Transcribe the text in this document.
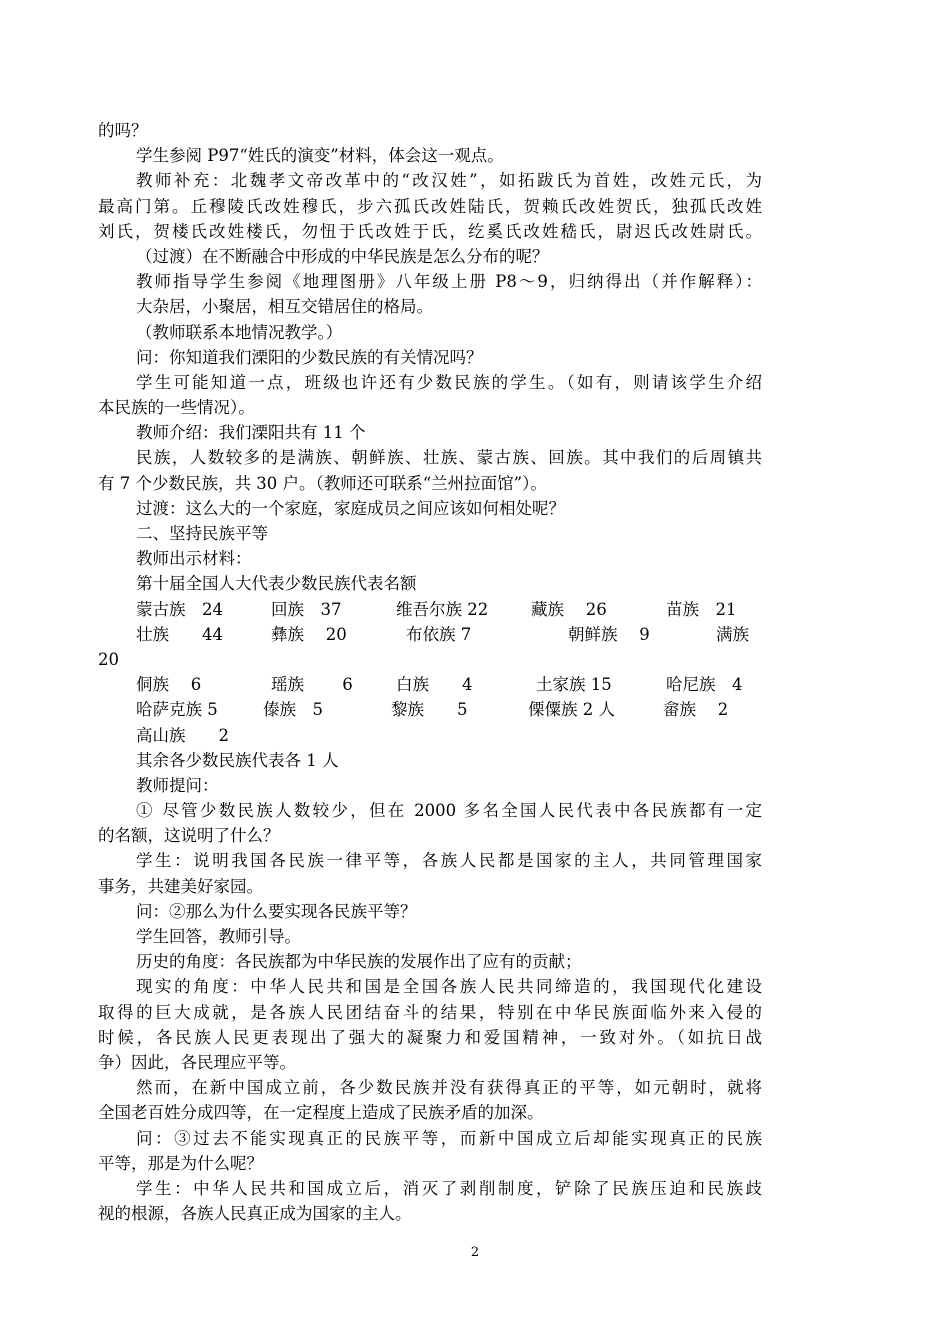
的吗？
学生参阅 P97“姓氏的演变”材料，体会这一观点。
教师补充：北魏孝文帝改革中的“改汉姓”，如拓跋氏为首姓，改姓元氏，为
最高门第。丘穆陵氏改姓穆氏，步六孤氏改姓陆氏，贺赖氏改姓贺氏，独孤氏改姓
刘氏，贺楼氏改姓楼氏，勿忸于氏改姓于氏，纥奚氏改姓嵇氏，尉迟氏改姓尉氏。
（过渡）在不断融合中形成的中华民族是怎么分布的呢？
教师指导学生参阅《地理图册》八年级上册 P8～9，归纳得出（并作解释）：
大杂居，小聚居，相互交错居住的格局。
（教师联系本地情况教学。）
问：你知道我们溧阳的少数民族的有关情况吗？
学生可能知道一点，班级也许还有少数民族的学生。（如有，则请该学生介绍
本民族的一些情况）。
教师介绍：我们溧阳共有 11 个
民族，人数较多的是满族、朝鲜族、壮族、蒙古族、回族。其中我们的后周镇共
有 7 个少数民族，共 30 户。（教师还可联系“兰州拉面馆”）。
过渡：这么大的一个家庭，家庭成员之间应该如何相处呢？
二、坚持民族平等
教师出示材料：
第十届全国人大代表少数民族代表名额
蒙古族　24	回族　37	维吾尔族 22	藏族　 26	苗族　21
壮族　　44	彝族　 20	布依族 7	朝鲜族　 9	满族
20
侗族　 6	瑶族　　 6	白族　　4	土家族 15	哈尼族　4
哈萨克族 5	傣族　5	黎族　　5	傈僳族 2 人	畲族　 2
高山族　　2
其余各少数民族代表各 1 人
教师提问：
① 尽管少数民族人数较少，但在 2000 多名全国人民代表中各民族都有一定
的名额，这说明了什么？
学生：说明我国各民族一律平等，各族人民都是国家的主人，共同管理国家
事务，共建美好家园。
问：②那么为什么要实现各民族平等？
学生回答，教师引导。
历史的角度：各民族都为中华民族的发展作出了应有的贡献；
现实的角度：中华人民共和国是全国各族人民共同缔造的，我国现代化建设
取得的巨大成就，是各族人民团结奋斗的结果，特别在中华民族面临外来入侵的
时候，各民族人民更表现出了强大的凝聚力和爱国精神，一致对外。（如抗日战
争）因此，各民理应平等。
然而，在新中国成立前，各少数民族并没有获得真正的平等，如元朝时，就将
全国老百姓分成四等，在一定程度上造成了民族矛盾的加深。
问：③过去不能实现真正的民族平等，而新中国成立后却能实现真正的民族
平等，那是为什么呢？
学生：中华人民共和国成立后，消灭了剥削制度，铲除了民族压迫和民族歧
视的根源，各族人民真正成为国家的主人。
2
